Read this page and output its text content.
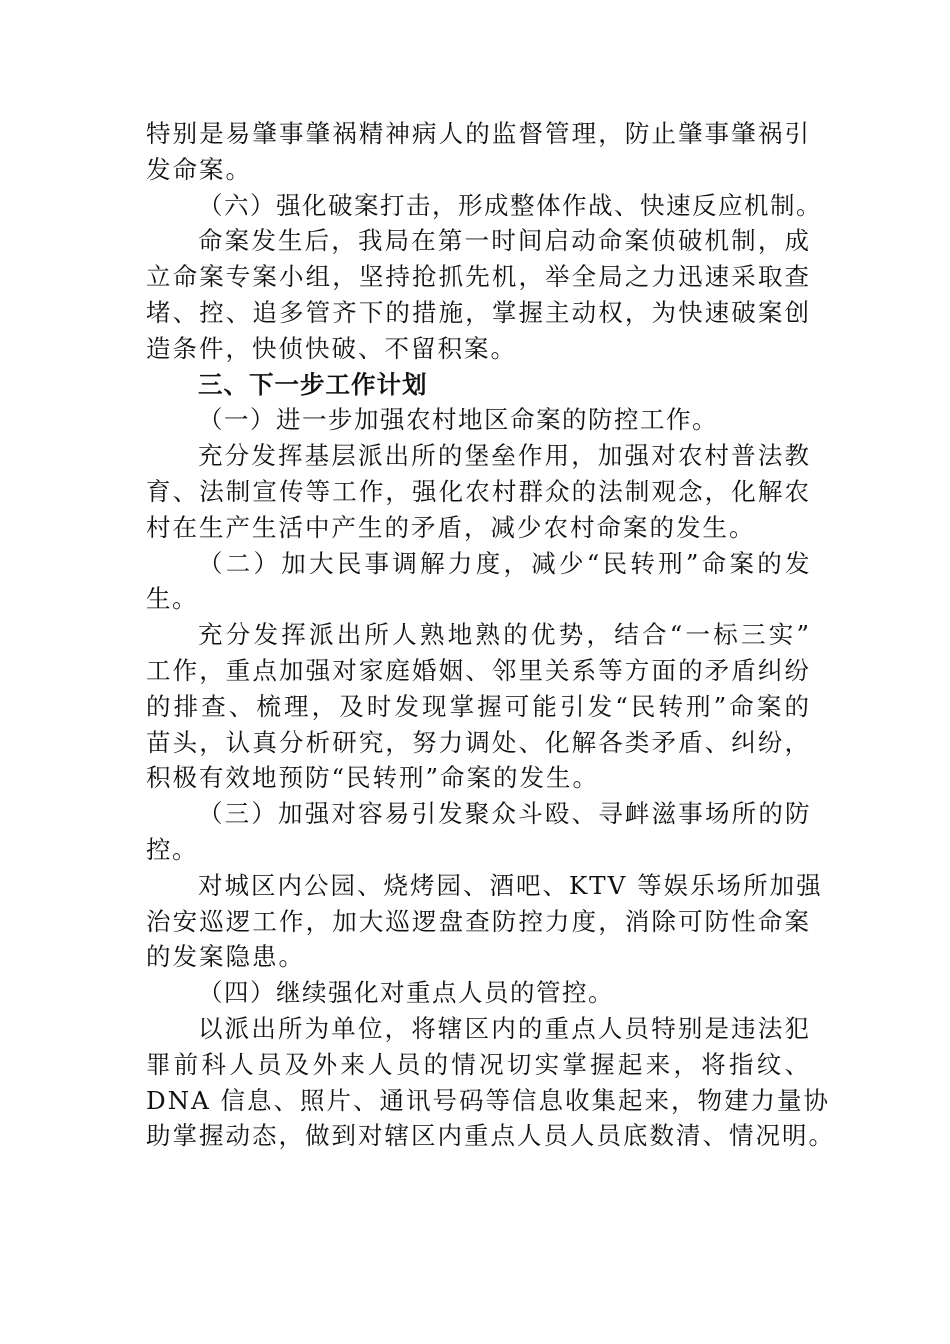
特别是易肇事肇祸精神病人的监督管理，防止肇事肇祸引
发命案。
（六）强化破案打击，形成整体作战、快速反应机制。
命案发生后，我局在第一时间启动命案侦破机制，成
立命案专案小组，坚持抢抓先机，举全局之力迅速采取查
堵、控、追多管齐下的措施，掌握主动权，为快速破案创
造条件，快侦快破、不留积案。
三、下一步工作计划
（一）进一步加强农村地区命案的防控工作。
充分发挥基层派出所的堡垒作用，加强对农村普法教
育、法制宣传等工作，强化农村群众的法制观念，化解农
村在生产生活中产生的矛盾，减少农村命案的发生。
（二）加大民事调解力度，减少“民转刑”命案的发
生。
充分发挥派出所人熟地熟的优势，结合“一标三实”
工作，重点加强对家庭婚姻、邻里关系等方面的矛盾纠纷
的排查、梳理，及时发现掌握可能引发“民转刑”命案的
苗头，认真分析研究，努力调处、化解各类矛盾、纠纷，
积极有效地预防“民转刑”命案的发生。
（三）加强对容易引发聚众斗殴、寻衅滋事场所的防
控。
对城区内公园、烧烤园、酒吧、KTV 等娱乐场所加强
治安巡逻工作，加大巡逻盘查防控力度，消除可防性命案
的发案隐患。
（四）继续强化对重点人员的管控。
以派出所为单位，将辖区内的重点人员特别是违法犯
罪前科人员及外来人员的情况切实掌握起来，将指纹、
DNA 信息、照片、通讯号码等信息收集起来，物建力量协
助掌握动态，做到对辖区内重点人员人员底数清、情况明。
